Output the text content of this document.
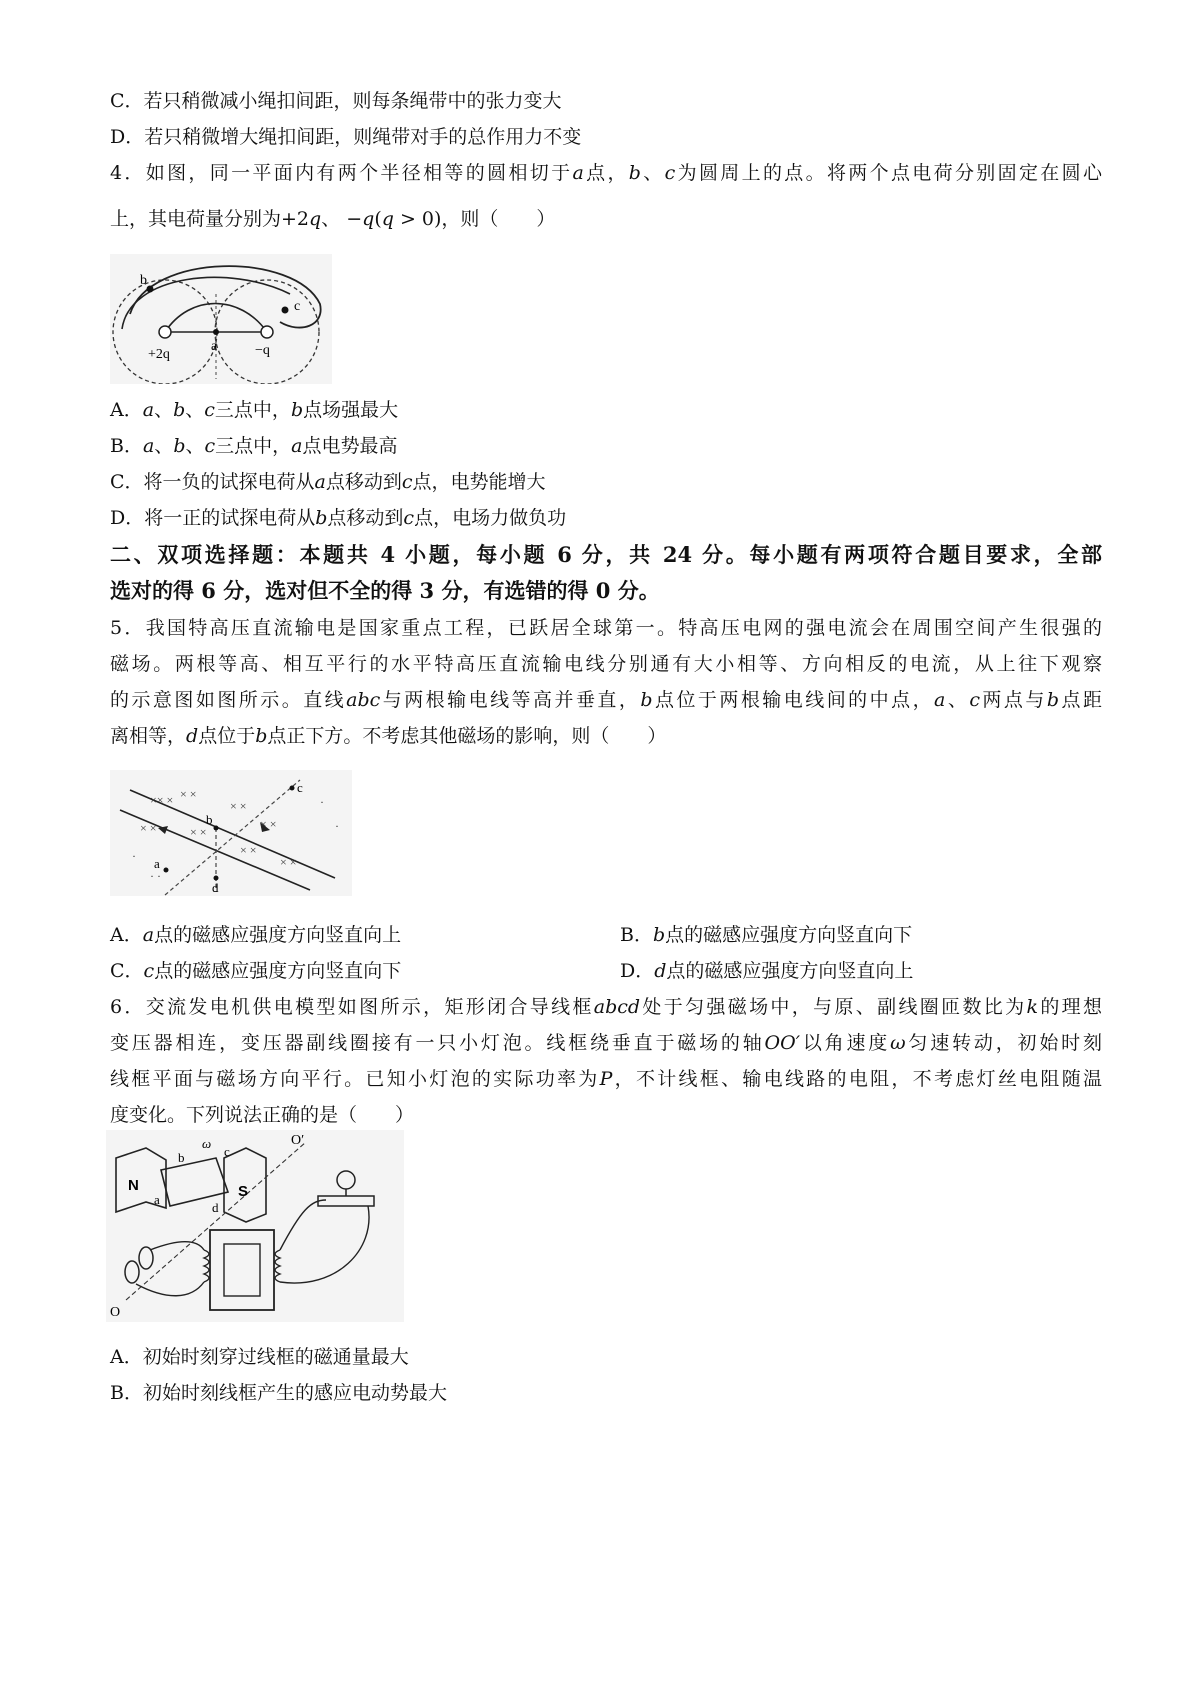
C．若只稍微减小绳扣间距，则每条绳带中的张力变大
D．若只稍微增大绳扣间距，则绳带对手的总作用力不变
4．如图，同一平面内有两个半径相等的圆相切于a点，b、c为圆周上的点。将两个点电荷分别固定在圆心
上，其电荷量分别为+2q、 −q(q > 0)，则（　　）
b
c
a
+2q	−q
A．a、b、c三点中，b点场强最大
B．a、b、c三点中，a点电势最高
C．将一负的试探电荷从a点移动到c点，电势能增大
D．将一正的试探电荷从b点移动到c点，电场力做负功
二、双项选择题：本题共 4 小题，每小题 6 分，共 24 分。每小题有两项符合题目要求，全部
选对的得 6 分，选对但不全的得 3 分，有选错的得 0 分。
5．我国特高压直流输电是国家重点工程，已跃居全球第一。特高压电网的强电流会在周围空间产生很强的
磁场。两根等高、相互平行的水平特高压直流输电线分别通有大小相等、方向相反的电流，从上往下观察
的示意图如图所示。直线abc与两根输电线等高并垂直，b点位于两根输电线间的中点，a、c两点与b点距
离相等，d点位于b点正下方。不考虑其他磁场的影响，则（　　）
×× × × ×
× ×
× ×
× ×	× ×
× ×
× ×
·
· ·
·
·
c
b
a
d
A．a点的磁感应强度方向竖直向上	B．b点的磁感应强度方向竖直向下
C．c点的磁感应强度方向竖直向下	D．d点的磁感应强度方向竖直向上
6．交流发电机供电模型如图所示，矩形闭合导线框abcd处于匀强磁场中，与原、副线圈匝数比为k的理想
变压器相连，变压器副线圈接有一只小灯泡。线框绕垂直于磁场的轴OO′以角速度ω匀速转动，初始时刻
线框平面与磁场方向平行。已知小灯泡的实际功率为P，不计线框、输电线路的电阻，不考虑灯丝电阻随温
度变化。下列说法正确的是（　　）
O′
O
N	S
a
b	c
d
ω
A．初始时刻穿过线框的磁通量最大
B．初始时刻线框产生的感应电动势最大
